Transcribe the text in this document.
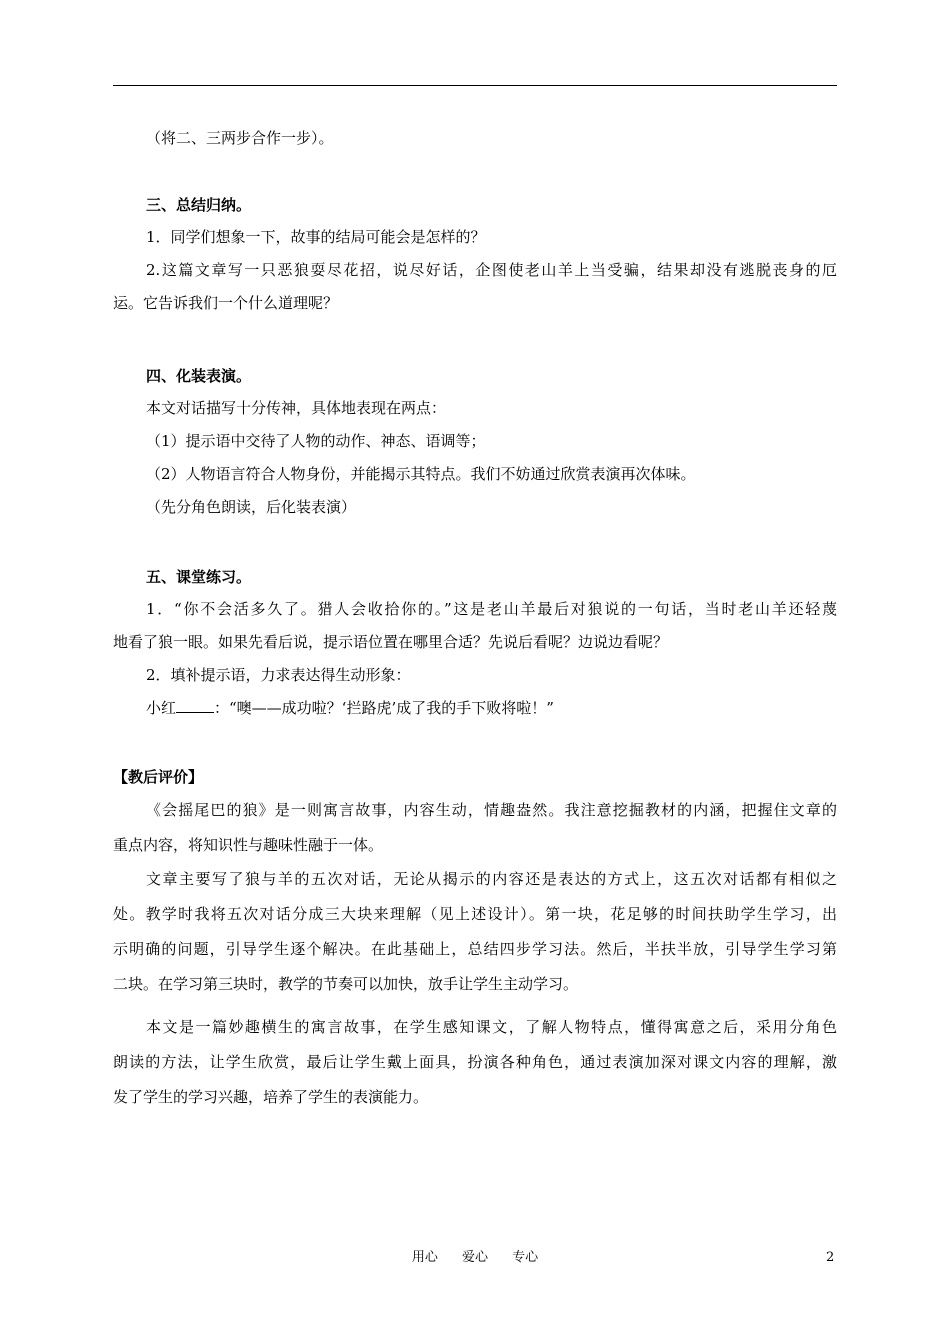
（将二、三两步合作一步）。
三、总结归纳。
1．同学们想象一下，故事的结局可能会是怎样的？
2.这篇文章写一只恶狼耍尽花招，说尽好话，企图使老山羊上当受骗，结果却没有逃脱丧身的厄
运。它告诉我们一个什么道理呢？
四、化装表演。
本文对话描写十分传神，具体地表现在两点：
（1）提示语中交待了人物的动作、神态、语调等；
（2）人物语言符合人物身份，并能揭示其特点。我们不妨通过欣赏表演再次体味。
（先分角色朗读，后化装表演）
五、课堂练习。
1．“你不会活多久了。猎人会收拾你的。”这是老山羊最后对狼说的一句话，当时老山羊还轻蔑
地看了狼一眼。如果先看后说，提示语位置在哪里合适？先说后看呢？边说边看呢？
2．填补提示语，力求表达得生动形象：
小红	：“噢——成功啦？‘拦路虎’成了我的手下败将啦！”
【教后评价】
《会摇尾巴的狼》是一则寓言故事，内容生动，情趣盎然。我注意挖掘教材的内涵，把握住文章的
重点内容，将知识性与趣味性融于一体。
文章主要写了狼与羊的五次对话，无论从揭示的内容还是表达的方式上，这五次对话都有相似之
处。教学时我将五次对话分成三大块来理解（见上述设计）。第一块，花足够的时间扶助学生学习，出
示明确的问题，引导学生逐个解决。在此基础上，总结四步学习法。然后，半扶半放，引导学生学习第
二块。在学习第三块时，教学的节奏可以加快，放手让学生主动学习。
本文是一篇妙趣横生的寓言故事，在学生感知课文，了解人物特点，懂得寓意之后，采用分角色
朗读的方法，让学生欣赏，最后让学生戴上面具，扮演各种角色，通过表演加深对课文内容的理解，激
发了学生的学习兴趣，培养了学生的表演能力。
用心 爱心 专心	2
